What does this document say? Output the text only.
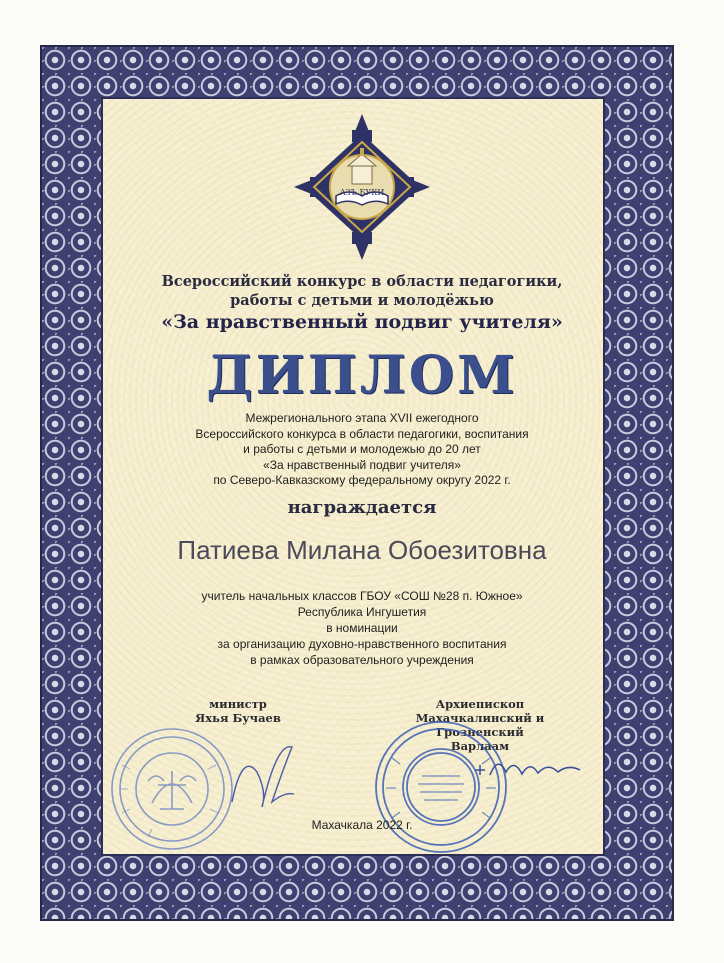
АЗЪ БУКИ
Всероссийский конкурс в области педагогики,
работы с детьми и молодёжью
«За нравственный подвиг учителя»
ДИПЛОМ
Межрегионального этапа XVII ежегодного
Всероссийского конкурса в области педагогики, воспитания
и работы с детьми и молодежью до 20 лет
«За нравственный подвиг учителя»
по Северо-Кавказскому федеральному округу 2022 г.
награждается
Патиева Милана Обоезитовна
учитель начальных классов ГБОУ «СОШ №28 п. Южное»
Республика Ингушетия
в номинации
за организацию духовно-нравственного воспитания
в рамках образовательного учреждения
министр
Яхья Бучаев
Архиепископ
Махачкалинский и Грозненский
Варлаам
Махачкала 2022 г.
